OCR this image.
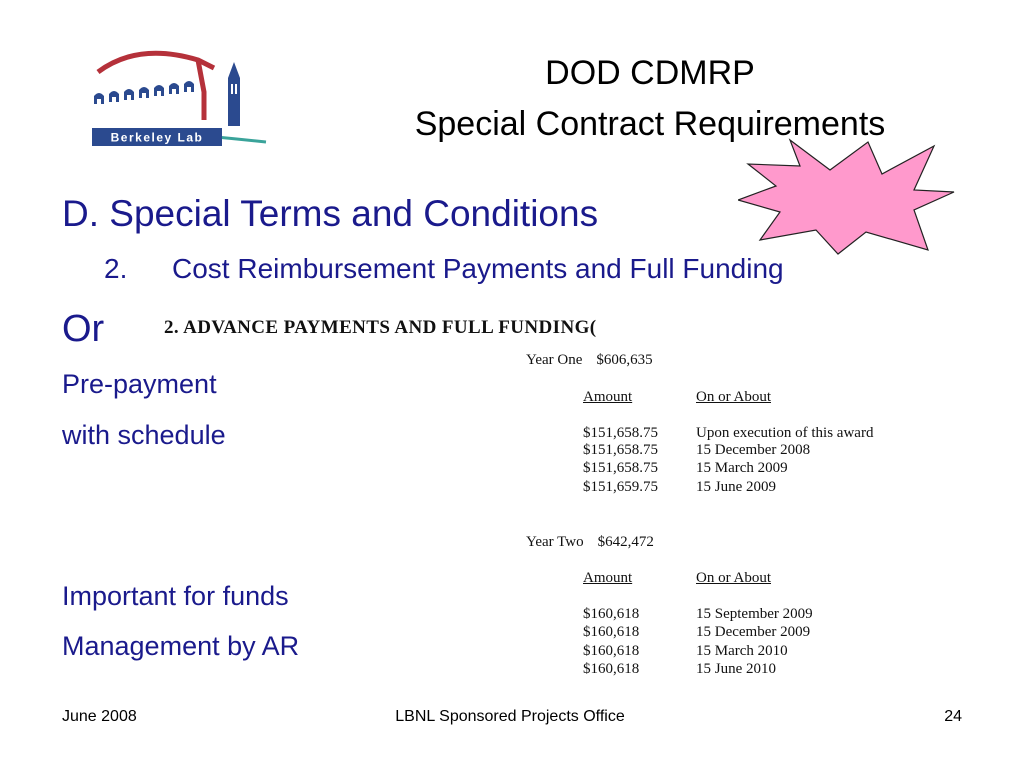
Berkeley Lab
DOD CDMRP
Special Contract Requirements
D. Special Terms and Conditions
2. Cost Reimbursement Payments and Full Funding
Or
Pre-payment
with schedule
Important for funds
Management by AR
2. ADVANCE PAYMENTS AND FULL FUNDING(
Year One $606,635
Amount	On or About
$151,658.75	Upon execution of this award
$151,658.75	15 December 2008
$151,658.75	15 March 2009
$151,659.75	15 June 2009
Year Two $642,472
Amount	On or About
$160,618	15 September 2009
$160,618	15 December 2009
$160,618	15 March 2010
$160,618	15 June 2010
June 2008	LBNL Sponsored Projects Office	24
